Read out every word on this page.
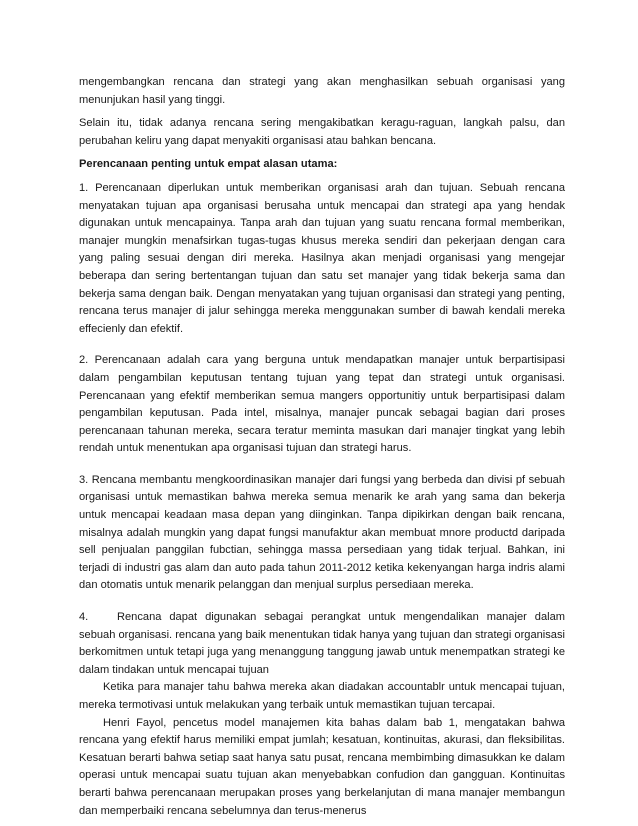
mengembangkan rencana dan strategi yang akan menghasilkan sebuah organisasi yang menunjukan hasil yang tinggi.

Selain itu, tidak adanya rencana sering mengakibatkan keragu-raguan, langkah palsu, dan perubahan keliru yang dapat menyakiti organisasi atau bahkan bencana.

Perencanaan penting untuk empat alasan utama:

1. Perencanaan diperlukan untuk memberikan organisasi arah dan tujuan. Sebuah rencana menyatakan tujuan apa organisasi berusaha untuk mencapai dan strategi apa yang hendak digunakan untuk mencapainya. Tanpa arah dan tujuan yang suatu rencana formal memberikan, manajer mungkin menafsirkan tugas-tugas khusus mereka sendiri dan pekerjaan dengan cara yang paling sesuai dengan diri mereka. Hasilnya akan menjadi organisasi yang mengejar beberapa dan sering bertentangan tujuan dan satu set manajer yang tidak bekerja sama dan bekerja sama dengan baik. Dengan menyatakan yang tujuan organisasi dan strategi yang penting, rencana terus manajer di jalur sehingga mereka menggunakan sumber di bawah kendali mereka effecienly dan efektif.

2. Perencanaan adalah cara yang berguna untuk mendapatkan manajer untuk berpartisipasi dalam pengambilan keputusan tentang tujuan yang tepat dan strategi untuk organisasi. Perencanaan yang efektif memberikan semua mangers opportunitiy untuk berpartisipasi dalam pengambilan keputusan. Pada intel, misalnya, manajer puncak sebagai bagian dari proses perencanaan tahunan mereka, secara teratur meminta masukan dari manajer tingkat yang lebih rendah untuk menentukan apa organisasi tujuan dan strategi harus.

3. Rencana membantu mengkoordinasikan manajer dari fungsi yang berbeda dan divisi pf sebuah organisasi untuk memastikan bahwa mereka semua menarik ke arah yang sama dan bekerja untuk mencapai keadaan masa depan yang diinginkan. Tanpa dipikirkan dengan baik rencana, misalnya adalah mungkin yang dapat fungsi manufaktur akan membuat mnore productd daripada sell penjualan panggilan fubctian, sehingga massa persediaan yang tidak terjual. Bahkan, ini terjadi di industri gas alam dan auto pada tahun 2011-2012 ketika kekenyangan harga indris alami dan otomatis untuk menarik pelanggan dan menjual surplus persediaan mereka.

4.	Rencana dapat digunakan sebagai perangkat untuk mengendalikan manajer dalam sebuah organisasi. rencana yang baik menentukan tidak hanya yang tujuan dan strategi organisasi berkomitmen untuk tetapi juga yang menanggung tanggung jawab untuk menempatkan strategi ke dalam tindakan untuk mencapai tujuan

Ketika para manajer tahu bahwa mereka akan diadakan accountablr untuk mencapai tujuan, mereka termotivasi untuk melakukan yang terbaik untuk memastikan tujuan tercapai.

Henri Fayol, pencetus model manajemen kita bahas dalam bab 1, mengatakan bahwa rencana yang efektif harus memiliki empat jumlah; kesatuan, kontinuitas, akurasi, dan fleksibilitas. Kesatuan berarti bahwa setiap saat hanya satu pusat, rencana membimbing dimasukkan ke dalam operasi untuk mencapai suatu tujuan akan menyebabkan confudion dan gangguan. Kontinuitas berarti bahwa perencanaan merupakan proses yang berkelanjutan di mana manajer membangun dan memperbaiki rencana sebelumnya dan terus-menerus
